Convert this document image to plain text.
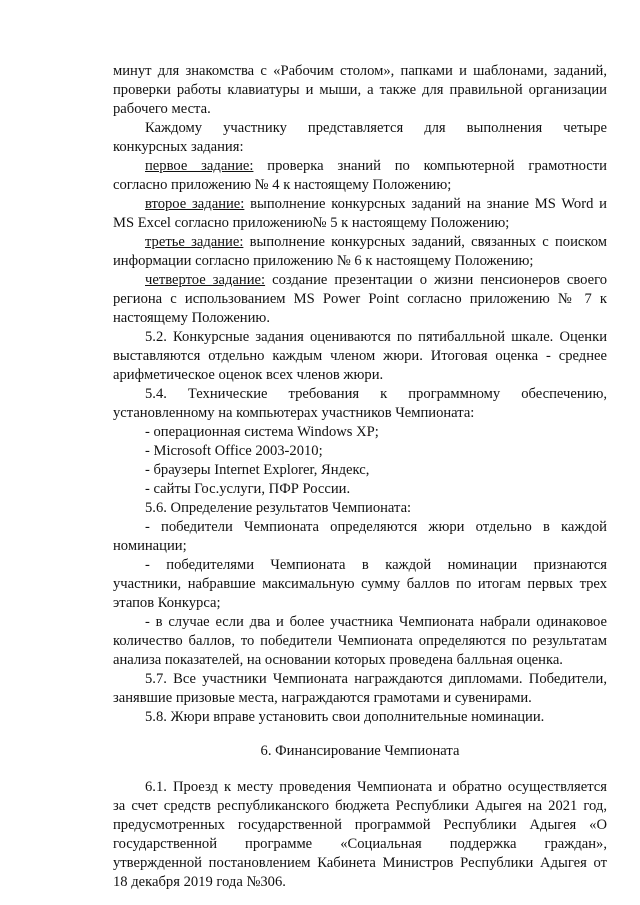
минут для знакомства с «Рабочим столом», папками и шаблонами, заданий,
проверки работы клавиатуры и мыши, а также для правильной организации
рабочего места.
Каждому участнику представляется для выполнения четыре
конкурсных задания:
первое задание: проверка знаний по компьютерной грамотности
согласно приложению № 4 к настоящему Положению;
второе задание: выполнение конкурсных заданий на знание MS Word и
MS Excel согласно приложению№ 5 к настоящему Положению;
третье задание: выполнение конкурсных заданий, связанных с поиском
информации согласно приложению № 6 к настоящему Положению;
четвертое задание: создание презентации о жизни пенсионеров своего
региона с использованием MS Power Point согласно приложению № 7 к
настоящему Положению.
5.2. Конкурсные задания оцениваются по пятибалльной шкале. Оценки
выставляются отдельно каждым членом жюри. Итоговая оценка - среднее
арифметическое оценок всех членов жюри.
5.4. Технические требования к программному обеспечению,
установленному на компьютерах участников Чемпионата:
- операционная система Windows XP;
- Microsoft Office 2003-2010;
- браузеры Internet Explorer, Яндекс,
- сайты Гос.услуги, ПФР России.
5.6. Определение результатов Чемпионата:
- победители Чемпионата определяются жюри отдельно в каждой
номинации;
- победителями Чемпионата в каждой номинации признаются
участники, набравшие максимальную сумму баллов по итогам первых трех
этапов Конкурса;
- в случае если два и более участника Чемпионата набрали одинаковое
количество баллов, то победители Чемпионата определяются по результатам
анализа показателей, на основании которых проведена балльная оценка.
5.7. Все участники Чемпионата награждаются дипломами. Победители,
занявшие призовые места, награждаются грамотами и сувенирами.
5.8. Жюри вправе установить свои дополнительные номинации.
6. Финансирование Чемпионата
6.1. Проезд к месту проведения Чемпионата и обратно осуществляется
за счет средств республиканского бюджета Республики Адыгея на 2021 год,
предусмотренных государственной программой Республики Адыгея «О
государственной программе «Социальная поддержка граждан»,
утвержденной постановлением Кабинета Министров Республики Адыгея от
18 декабря 2019 года №306.
